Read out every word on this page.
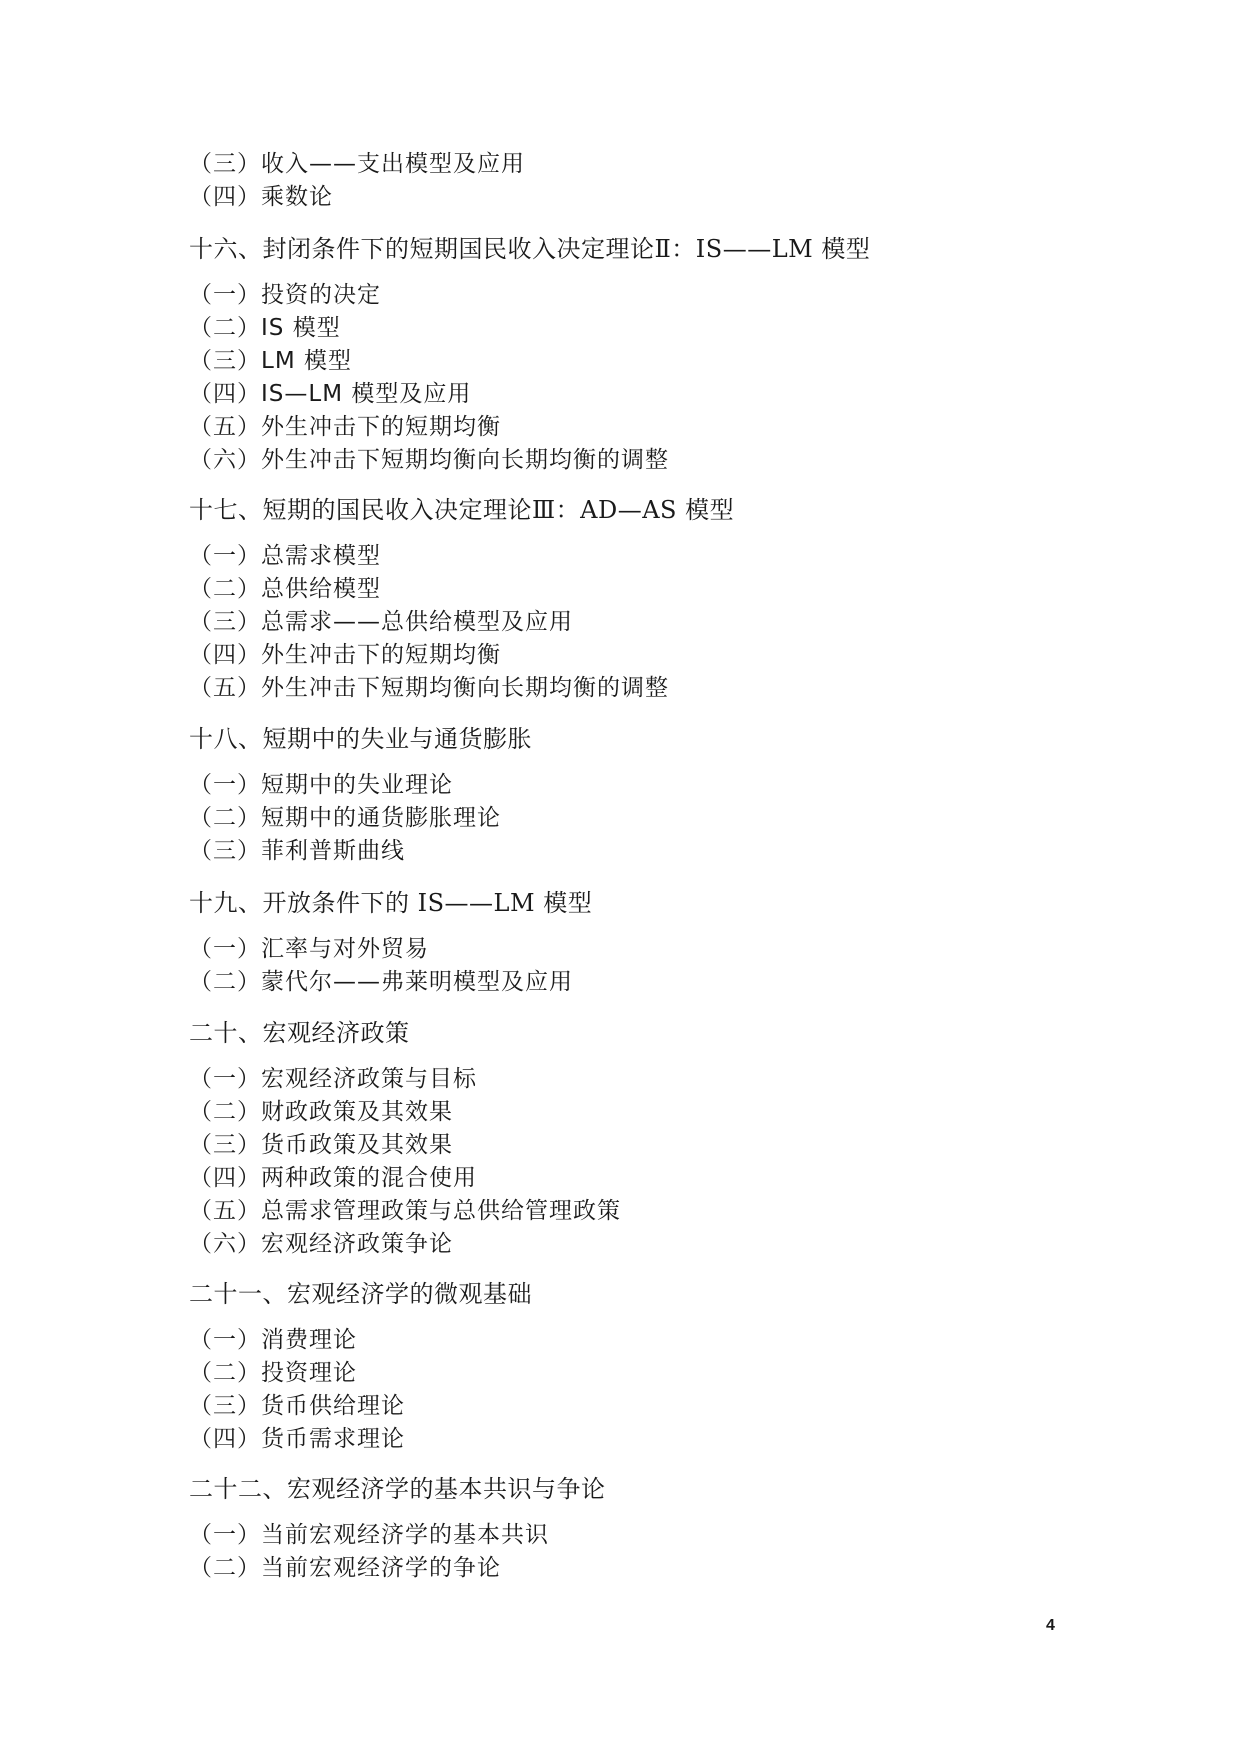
（三）收入——支出模型及应用
（四）乘数论
十六、封闭条件下的短期国民收入决定理论Ⅱ：IS——LM 模型
（一）投资的决定
（二）IS 模型
（三）LM 模型
（四）IS—LM 模型及应用
（五）外生冲击下的短期均衡
（六）外生冲击下短期均衡向长期均衡的调整
十七、短期的国民收入决定理论Ⅲ：AD—AS 模型
（一）总需求模型
（二）总供给模型
（三）总需求——总供给模型及应用
（四）外生冲击下的短期均衡
（五）外生冲击下短期均衡向长期均衡的调整
十八、短期中的失业与通货膨胀
（一）短期中的失业理论
（二）短期中的通货膨胀理论
（三）菲利普斯曲线
十九、开放条件下的 IS——LM 模型
（一）汇率与对外贸易
（二）蒙代尔——弗莱明模型及应用
二十、宏观经济政策
（一）宏观经济政策与目标
（二）财政政策及其效果
（三）货币政策及其效果
（四）两种政策的混合使用
（五）总需求管理政策与总供给管理政策
（六）宏观经济政策争论
二十一、宏观经济学的微观基础
（一）消费理论
（二）投资理论
（三）货币供给理论
（四）货币需求理论
二十二、宏观经济学的基本共识与争论
（一）当前宏观经济学的基本共识
（二）当前宏观经济学的争论
4
